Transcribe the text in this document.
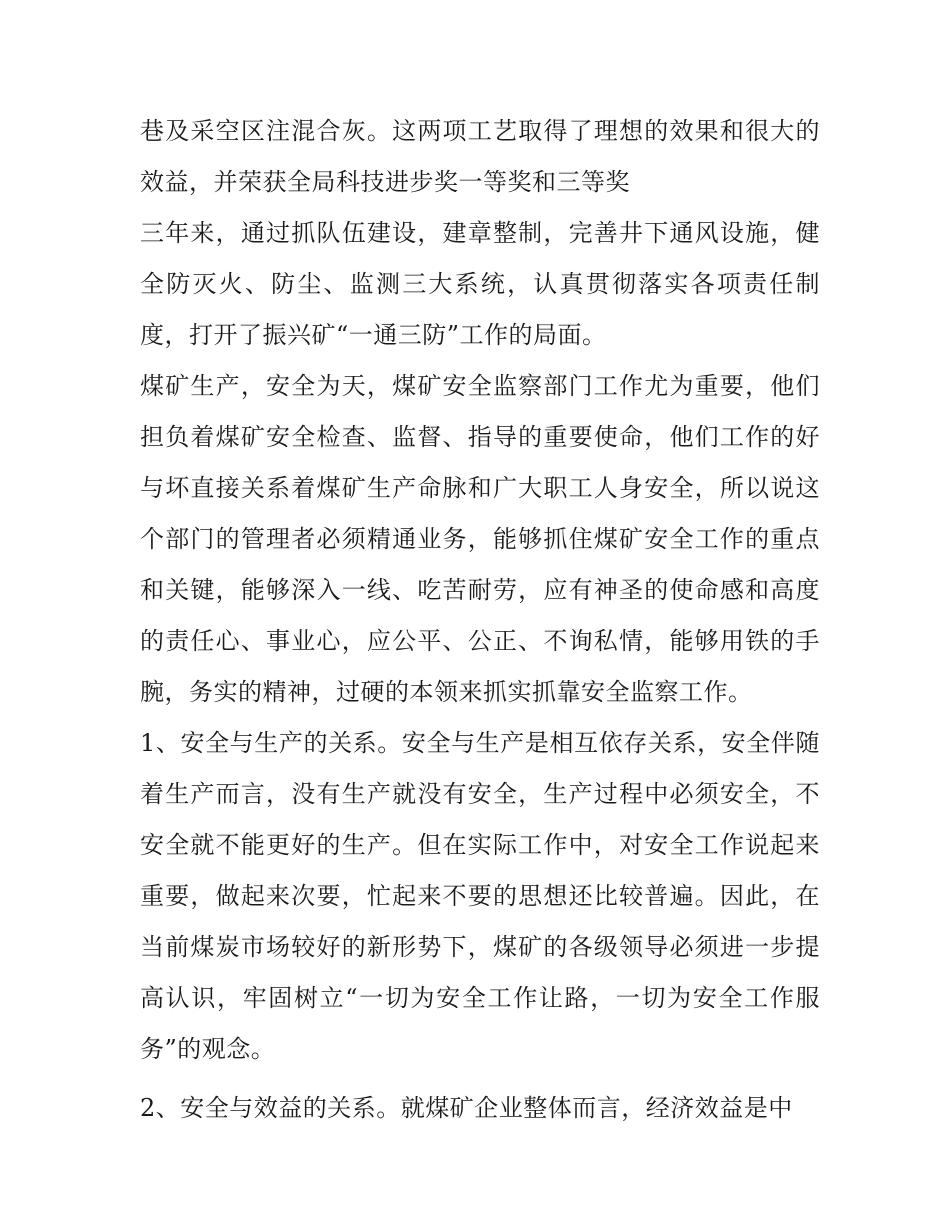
巷及采空区注混合灰。这两项工艺取得了理想的效果和很大的效益，并荣获全局科技进步奖一等奖和三等奖

三年来，通过抓队伍建设，建章整制，完善井下通风设施，健全防灭火、防尘、监测三大系统，认真贯彻落实各项责任制度，打开了振兴矿“一通三防”工作的局面。

煤矿生产，安全为天，煤矿安全监察部门工作尤为重要，他们担负着煤矿安全检查、监督、指导的重要使命，他们工作的好与坏直接关系着煤矿生产命脉和广大职工人身安全，所以说这个部门的管理者必须精通业务，能够抓住煤矿安全工作的重点和关键，能够深入一线、吃苦耐劳，应有神圣的使命感和高度的责任心、事业心，应公平、公正、不询私情，能够用铁的手腕，务实的精神，过硬的本领来抓实抓靠安全监察工作。

1、安全与生产的关系。安全与生产是相互依存关系，安全伴随着生产而言，没有生产就没有安全，生产过程中必须安全，不安全就不能更好的生产。但在实际工作中，对安全工作说起来重要，做起来次要，忙起来不要的思想还比较普遍。因此，在当前煤炭市场较好的新形势下，煤矿的各级领导必须进一步提高认识，牢固树立“一切为安全工作让路，一切为安全工作服务”的观念。

2、安全与效益的关系。就煤矿企业整体而言，经济效益是中
